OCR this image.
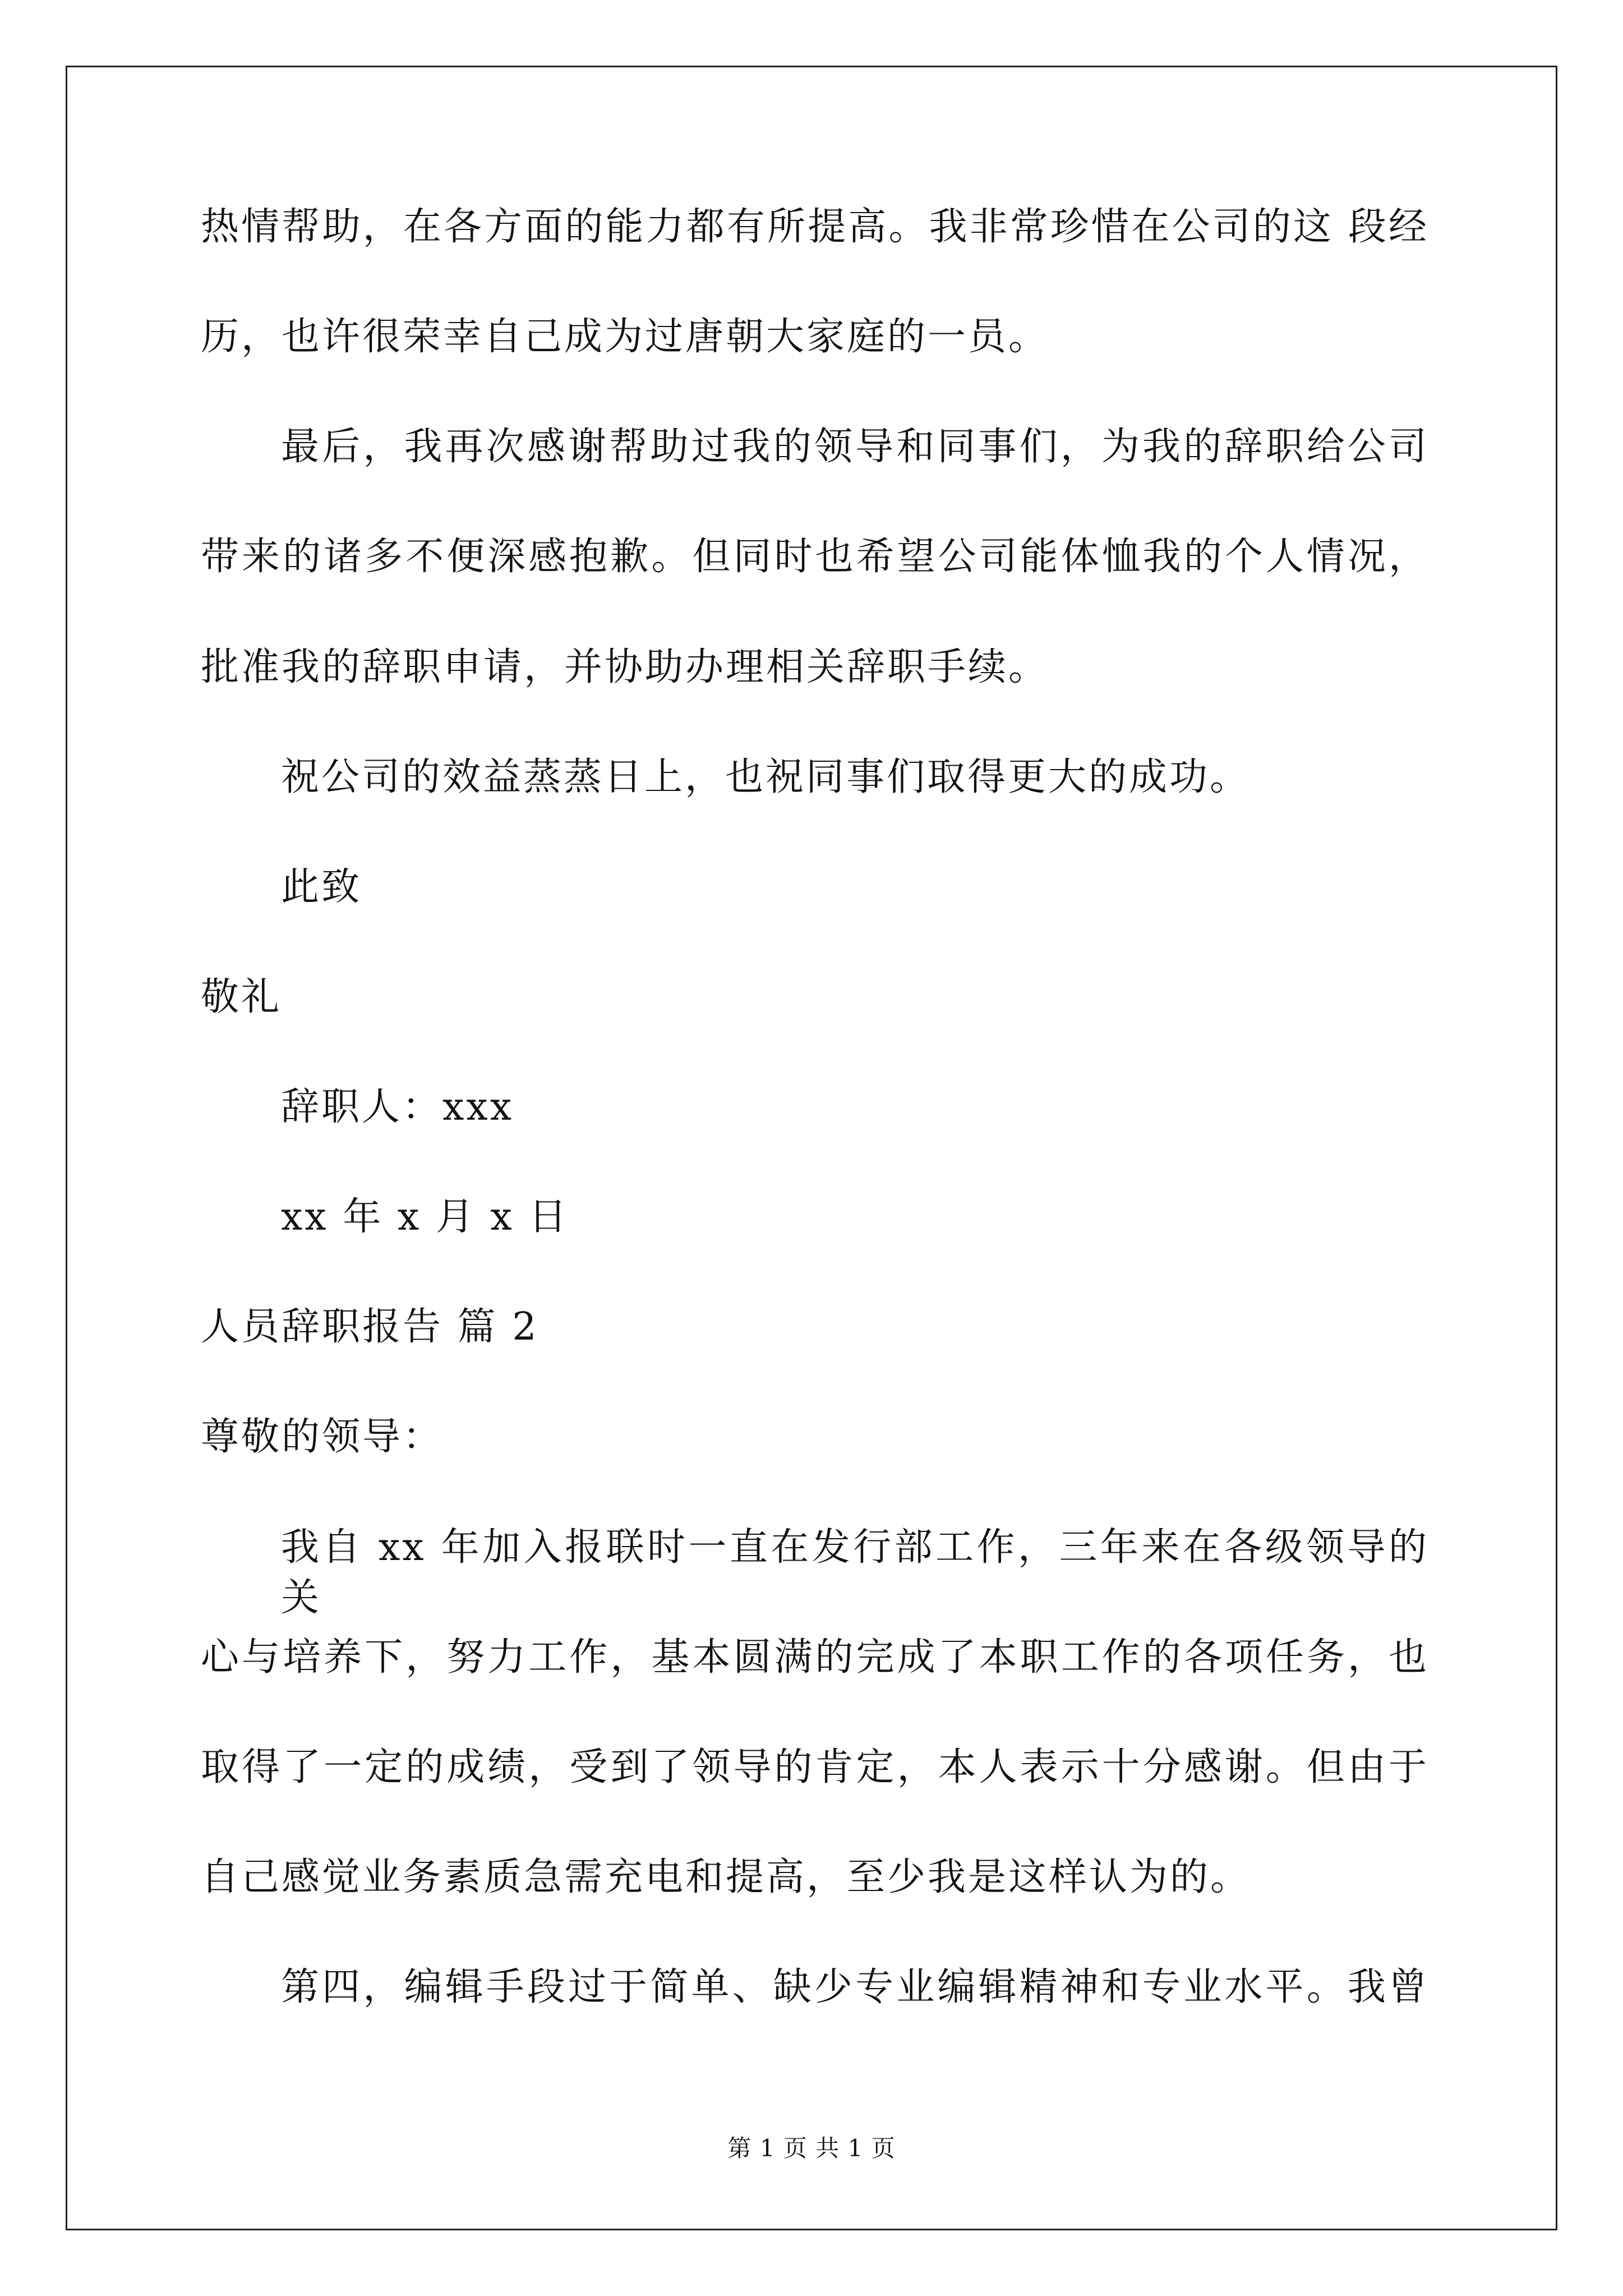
热情帮助，在各方面的能力都有所提高。我非常珍惜在公司的这 段经
历，也许很荣幸自己成为过唐朝大家庭的一员。
最后，我再次感谢帮助过我的领导和同事们，为我的辞职给公司
带来的诸多不便深感抱歉。但同时也希望公司能体恤我的个人情况，
批准我的辞职申请，并协助办理相关辞职手续。
祝公司的效益蒸蒸日上，也祝同事们取得更大的成功。
此致
敬礼
辞职人：xxx
xx 年 x 月 x 日
人员辞职报告 篇 2
尊敬的领导：
我自 xx 年加入报联时一直在发行部工作，三年来在各级领导的关
心与培养下，努力工作，基本圆满的完成了本职工作的各项任务，也
取得了一定的成绩，受到了领导的肯定，本人表示十分感谢。但由于
自己感觉业务素质急需充电和提高，至少我是这样认为的。
第四，编辑手段过于简单、缺少专业编辑精神和专业水平。我曾
第 1 页 共 1 页
